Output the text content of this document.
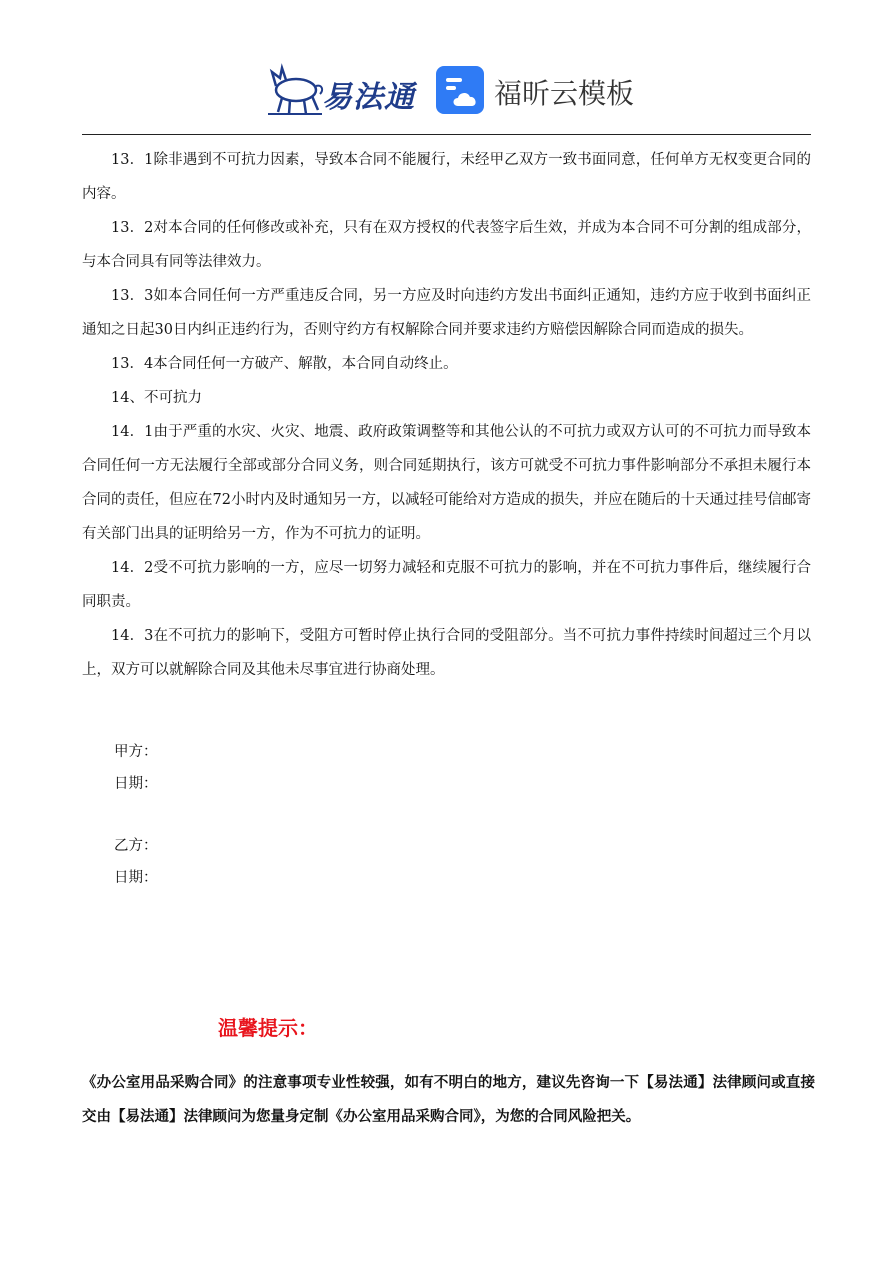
易法通	福昕云模板

13．1除非遇到不可抗力因素，导致本合同不能履行，未经甲乙双方一致书面同意，任何单方无权变更合同的内容。

13．2对本合同的任何修改或补充，只有在双方授权的代表签字后生效，并成为本合同不可分割的组成部分，与本合同具有同等法律效力。

13．3如本合同任何一方严重违反合同，另一方应及时向违约方发出书面纠正通知，违约方应于收到书面纠正通知之日起30日内纠正违约行为，否则守约方有权解除合同并要求违约方赔偿因解除合同而造成的损失。

13．4本合同任何一方破产、解散，本合同自动终止。

14、不可抗力

14．1由于严重的水灾、火灾、地震、政府政策调整等和其他公认的不可抗力或双方认可的不可抗力而导致本合同任何一方无法履行全部或部分合同义务，则合同延期执行，该方可就受不可抗力事件影响部分不承担未履行本合同的责任，但应在72小时内及时通知另一方，以减轻可能给对方造成的损失，并应在随后的十天通过挂号信邮寄有关部门出具的证明给另一方，作为不可抗力的证明。

14．2受不可抗力影响的一方，应尽一切努力减轻和克服不可抗力的影响，并在不可抗力事件后，继续履行合同职责。

14．3在不可抗力的影响下，受阻方可暂时停止执行合同的受阻部分。当不可抗力事件持续时间超过三个月以上，双方可以就解除合同及其他未尽事宜进行协商处理。

甲方：
日期：
乙方：
日期：
温馨提示：
《办公室用品采购合同》的注意事项专业性较强，如有不明白的地方，建议先咨询一下【易法通】法律顾问或直接交由【易法通】法律顾问为您量身定制《办公室用品采购合同》，为您的合同风险把关。
